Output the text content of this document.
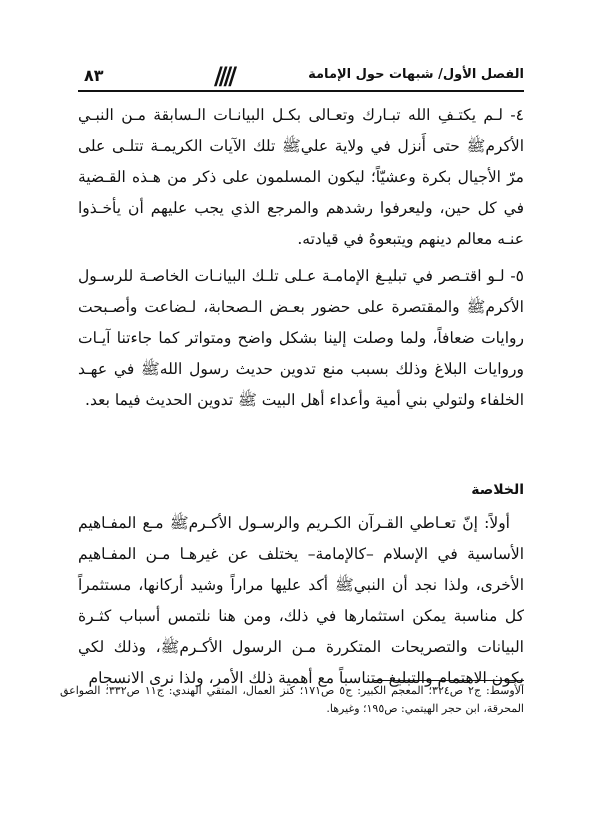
الفصل الأول/ شبهات حول الإمامة
////
٨٣

٤- لـم يكتـفِ الله تبـارك وتعـالى بكـل البيانـات الـسابقة مـن النبـي الأكرمﷺ حتى أَنزل في ولاية عليﷺ تلك الآيات الكريمـة تتلـى على مرّ الأجيال بكرة وعشيّاً؛ ليكون المسلمون على ذكر من هـذه القـضية في كل حين، وليعرفوا رشدهم والمرجع الذي يجب عليهم أن يأخـذوا عنـه معالم دينهم ويتبعوهُ في قيادته.

٥- لـو اقتـصر في تبليـغ الإمامـة عـلى تلـك البيانـات الخاصـة للرسـول الأكرمﷺ والمقتصرة على حضور بعـض الـصحابة، لـضاعت وأصـبحت روايات ضعافاً، ولما وصلت إلينا بشكل واضح ومتواتر كما جاءتنا آيـات وروايات البلاغ وذلك بسبب منع تدوين حديث رسول اللهﷺ في عهـد الخلفاء ولتولي بني أمية وأعداء أهل البيت ﷺ تدوين الحديث فيما بعد.

الخلاصة

أولاً: إنّ تعـاطي القـرآن الكـريم والرسـول الأكـرمﷺ مـع المفـاهيم الأساسية في الإسلام –كالإمامة– يختلف عن غيرهـا مـن المفـاهيم الأخرى، ولذا نجد أن النبيﷺ أكد عليها مراراً وشيد أركانها، مستثمراً كل مناسبة يمكن استثمارها في ذلك، ومن هنا نلتمس أسباب كثـرة البيانات والتصريحات المتكررة مـن الرسول الأكـرمﷺ، وذلك لكي يكون الاهتمام والتبليغ متناسباً مع أهمية ذلك الأمر، ولذا نرى الانسجام

الأوسط: ج٢ ص٣٢٤؛ المعجم الكبير: ج٥ ص١٧١؛ كنز العمال، المتقي الهندي: ج١١ ص٣٣٢؛ الصواعق المحرقة، ابن حجر الهيتمي: ص١٩٥؛ وغيرها.
